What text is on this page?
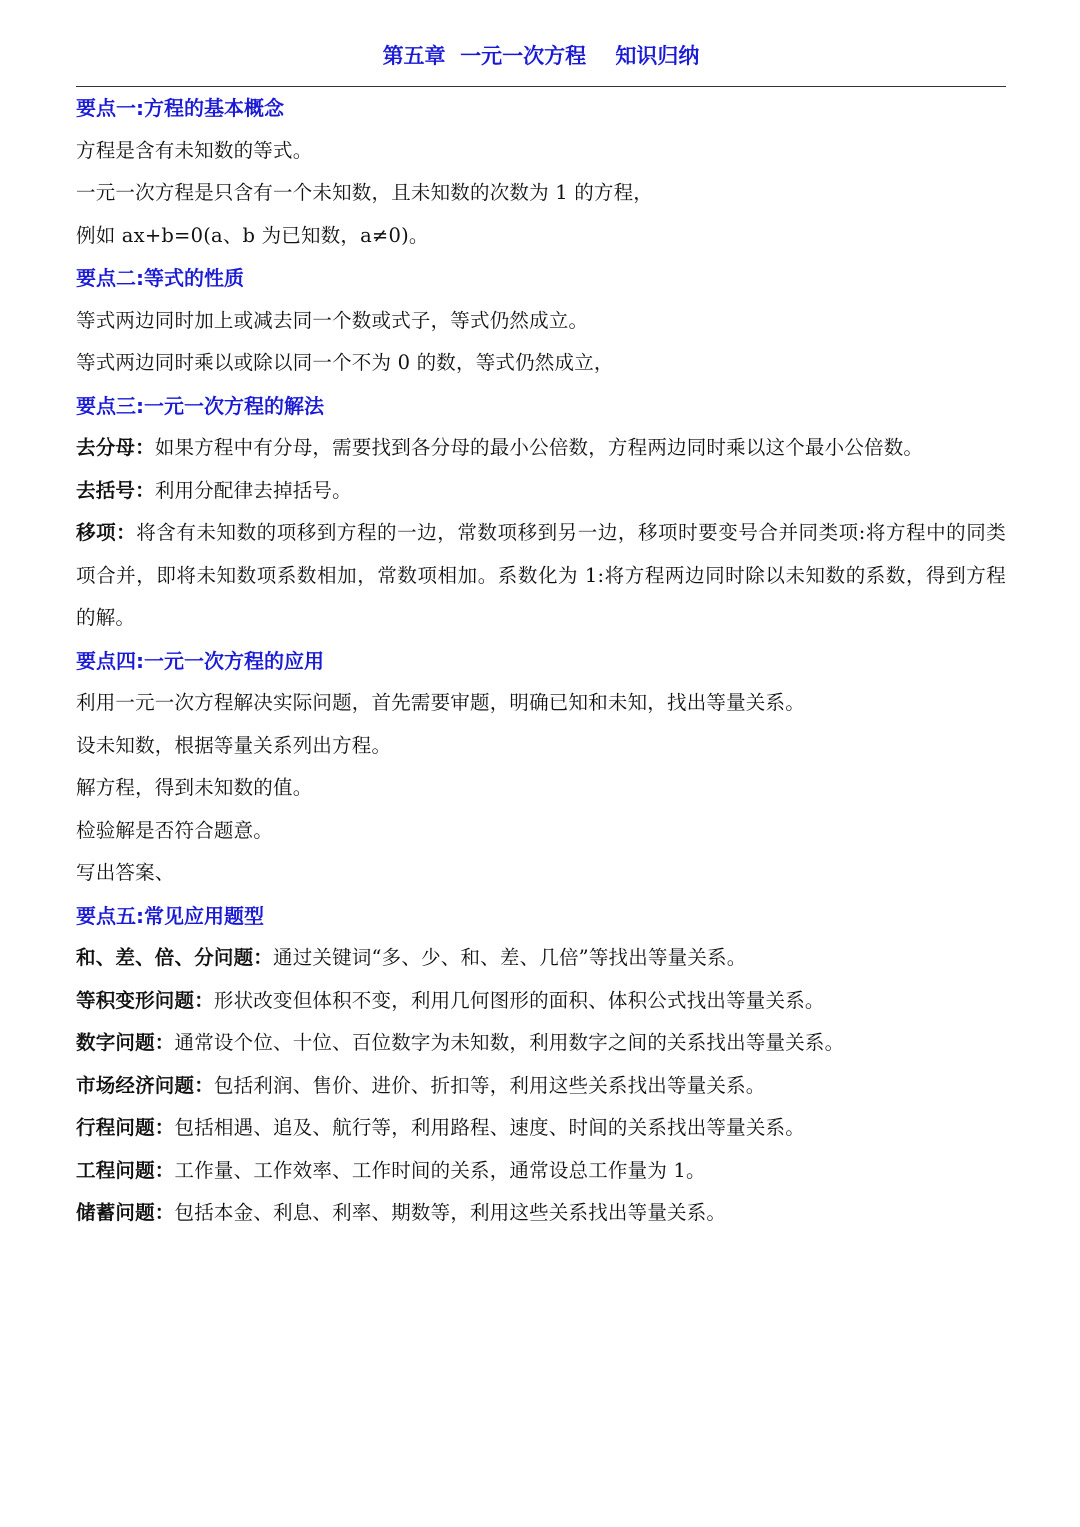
第五章  一元一次方程    知识归纳
要点一:方程的基本概念
方程是含有未知数的等式。
一元一次方程是只含有一个未知数，且未知数的次数为 1 的方程，
例如 ax+b=0(a、b 为已知数，a≠0)。
要点二:等式的性质
等式两边同时加上或减去同一个数或式子，等式仍然成立。
等式两边同时乘以或除以同一个不为 0 的数，等式仍然成立，
要点三:一元一次方程的解法
去分母：如果方程中有分母，需要找到各分母的最小公倍数，方程两边同时乘以这个最小公倍数。
去括号：利用分配律去掉括号。
移项：将含有未知数的项移到方程的一边，常数项移到另一边，移项时要变号合并同类项:将方程中的同类项合并，即将未知数项系数相加，常数项相加。系数化为 1:将方程两边同时除以未知数的系数，得到方程的解。
要点四:一元一次方程的应用
利用一元一次方程解决实际问题，首先需要审题，明确已知和未知，找出等量关系。
设未知数，根据等量关系列出方程。
解方程，得到未知数的值。
检验解是否符合题意。
写出答案、
要点五:常见应用题型
和、差、倍、分问题：通过关键词“多、少、和、差、几倍”等找出等量关系。
等积变形问题：形状改变但体积不变，利用几何图形的面积、体积公式找出等量关系。
数字问题：通常设个位、十位、百位数字为未知数，利用数字之间的关系找出等量关系。
市场经济问题：包括利润、售价、进价、折扣等，利用这些关系找出等量关系。
行程问题：包括相遇、追及、航行等，利用路程、速度、时间的关系找出等量关系。
工程问题：工作量、工作效率、工作时间的关系，通常设总工作量为 1。
储蓄问题：包括本金、利息、利率、期数等，利用这些关系找出等量关系。
